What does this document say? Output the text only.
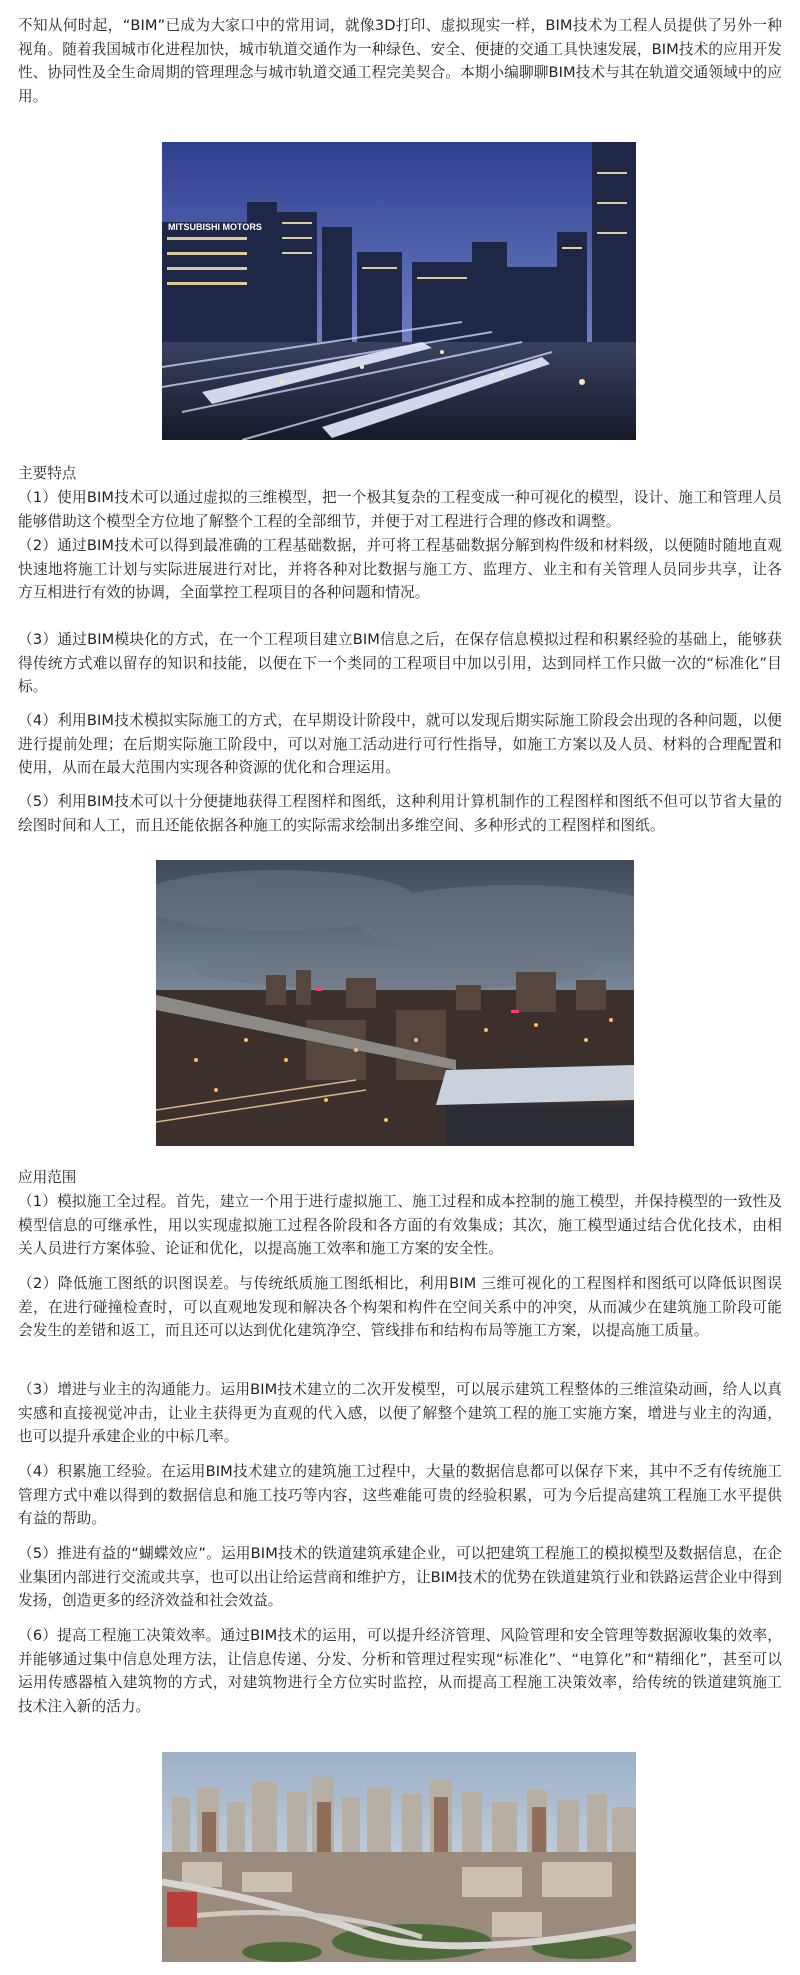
不知从何时起，“BIM”已成为大家口中的常用词，就像3D打印、虚拟现实一样，BIM技术为工程人员提供了另外一种视角。随着我国城市化进程加快，城市轨道交通作为一种绿色、安全、便捷的交通工具快速发展，BIM技术的应用开发性、协同性及全生命周期的管理理念与城市轨道交通工程完美契合。本期小编聊聊BIM技术与其在轨道交通领域中的应用。

MITSUBISHI MOTORS

主要特点

（1）使用BIM技术可以通过虚拟的三维模型，把一个极其复杂的工程变成一种可视化的模型，设计、施工和管理人员能够借助这个模型全方位地了解整个工程的全部细节，并便于对工程进行合理的修改和调整。

（2）通过BIM技术可以得到最准确的工程基础数据，并可将工程基础数据分解到构件级和材料级，以便随时随地直观快速地将施工计划与实际进展进行对比，并将各种对比数据与施工方、监理方、业主和有关管理人员同步共享，让各方互相进行有效的协调，全面掌控工程项目的各种问题和情况。

（3）通过BIM模块化的方式，在一个工程项目建立BIM信息之后，在保存信息模拟过程和积累经验的基础上，能够获得传统方式难以留存的知识和技能，以便在下一个类同的工程项目中加以引用，达到同样工作只做一次的“标准化”目标。

（4）利用BIM技术模拟实际施工的方式，在早期设计阶段中，就可以发现后期实际施工阶段会出现的各种问题，以便进行提前处理；在后期实际施工阶段中，可以对施工活动进行可行性指导，如施工方案以及人员、材料的合理配置和使用，从而在最大范围内实现各种资源的优化和合理运用。

（5）利用BIM技术可以十分便捷地获得工程图样和图纸，这种利用计算机制作的工程图样和图纸不但可以节省大量的绘图时间和人工，而且还能依据各种施工的实际需求绘制出多维空间、多种形式的工程图样和图纸。

应用范围

（1）模拟施工全过程。首先，建立一个用于进行虚拟施工、施工过程和成本控制的施工模型，并保持模型的一致性及模型信息的可继承性，用以实现虚拟施工过程各阶段和各方面的有效集成；其次，施工模型通过结合优化技术，由相关人员进行方案体验、论证和优化，以提高施工效率和施工方案的安全性。

（2）降低施工图纸的识图误差。与传统纸质施工图纸相比，利用BIM 三维可视化的工程图样和图纸可以降低识图误差，在进行碰撞检查时，可以直观地发现和解决各个构架和构件在空间关系中的冲突，从而减少在建筑施工阶段可能会发生的差错和返工，而且还可以达到优化建筑净空、管线排布和结构布局等施工方案，以提高施工质量。

（3）增进与业主的沟通能力。运用BIM技术建立的二次开发模型，可以展示建筑工程整体的三维渲染动画，给人以真实感和直接视觉冲击，让业主获得更为直观的代入感，以便了解整个建筑工程的施工实施方案，增进与业主的沟通，也可以提升承建企业的中标几率。

（4）积累施工经验。在运用BIM技术建立的建筑施工过程中，大量的数据信息都可以保存下来，其中不乏有传统施工管理方式中难以得到的数据信息和施工技巧等内容，这些难能可贵的经验积累，可为今后提高建筑工程施工水平提供有益的帮助。

（5）推进有益的“蝴蝶效应”。运用BIM技术的铁道建筑承建企业，可以把建筑工程施工的模拟模型及数据信息，在企业集团内部进行交流或共享，也可以出让给运营商和维护方，让BIM技术的优势在铁道建筑行业和铁路运营企业中得到发扬，创造更多的经济效益和社会效益。

（6）提高工程施工决策效率。通过BIM技术的运用，可以提升经济管理、风险管理和安全管理等数据源收集的效率，并能够通过集中信息处理方法，让信息传递、分发、分析和管理过程实现“标准化”、“电算化”和“精细化”，甚至可以运用传感器植入建筑物的方式，对建筑物进行全方位实时监控，从而提高工程施工决策效率，给传统的铁道建筑施工技术注入新的活力。
